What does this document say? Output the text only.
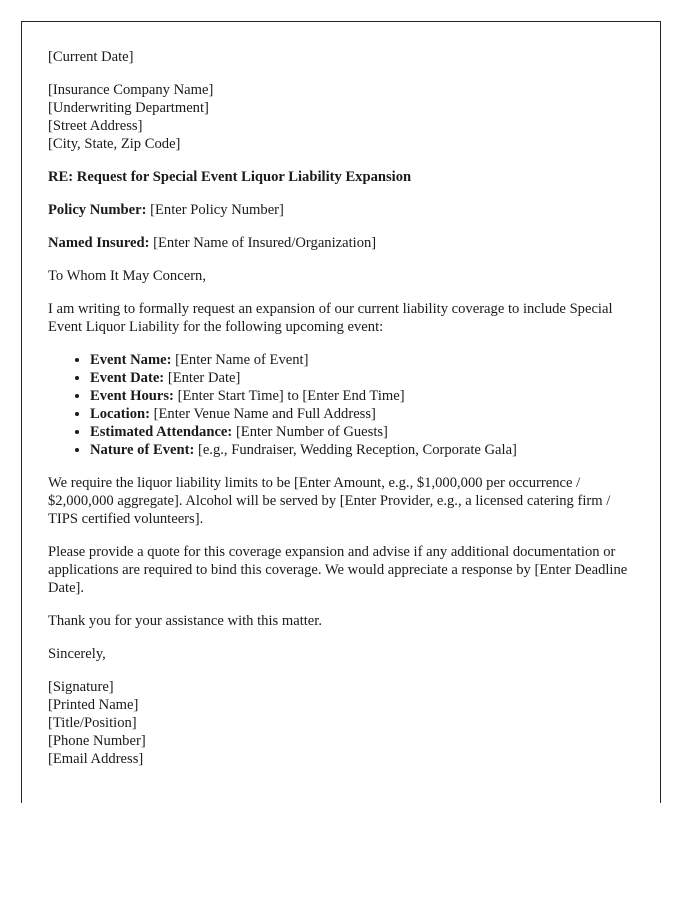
[Current Date]

[Insurance Company Name]
[Underwriting Department]
[Street Address]
[City, State, Zip Code]

RE: Request for Special Event Liquor Liability Expansion

Policy Number: [Enter Policy Number]

Named Insured: [Enter Name of Insured/Organization]

To Whom It May Concern,

I am writing to formally request an expansion of our current liability coverage to include Special Event Liquor Liability for the following upcoming event:

• Event Name: [Enter Name of Event]
• Event Date: [Enter Date]
• Event Hours: [Enter Start Time] to [Enter End Time]
• Location: [Enter Venue Name and Full Address]
• Estimated Attendance: [Enter Number of Guests]
• Nature of Event: [e.g., Fundraiser, Wedding Reception, Corporate Gala]

We require the liquor liability limits to be [Enter Amount, e.g., $1,000,000 per occurrence / $2,000,000 aggregate]. Alcohol will be served by [Enter Provider, e.g., a licensed catering firm / TIPS certified volunteers].

Please provide a quote for this coverage expansion and advise if any additional documentation or applications are required to bind this coverage. We would appreciate a response by [Enter Deadline Date].

Thank you for your assistance with this matter.

Sincerely,

[Signature]
[Printed Name]
[Title/Position]
[Phone Number]
[Email Address]
